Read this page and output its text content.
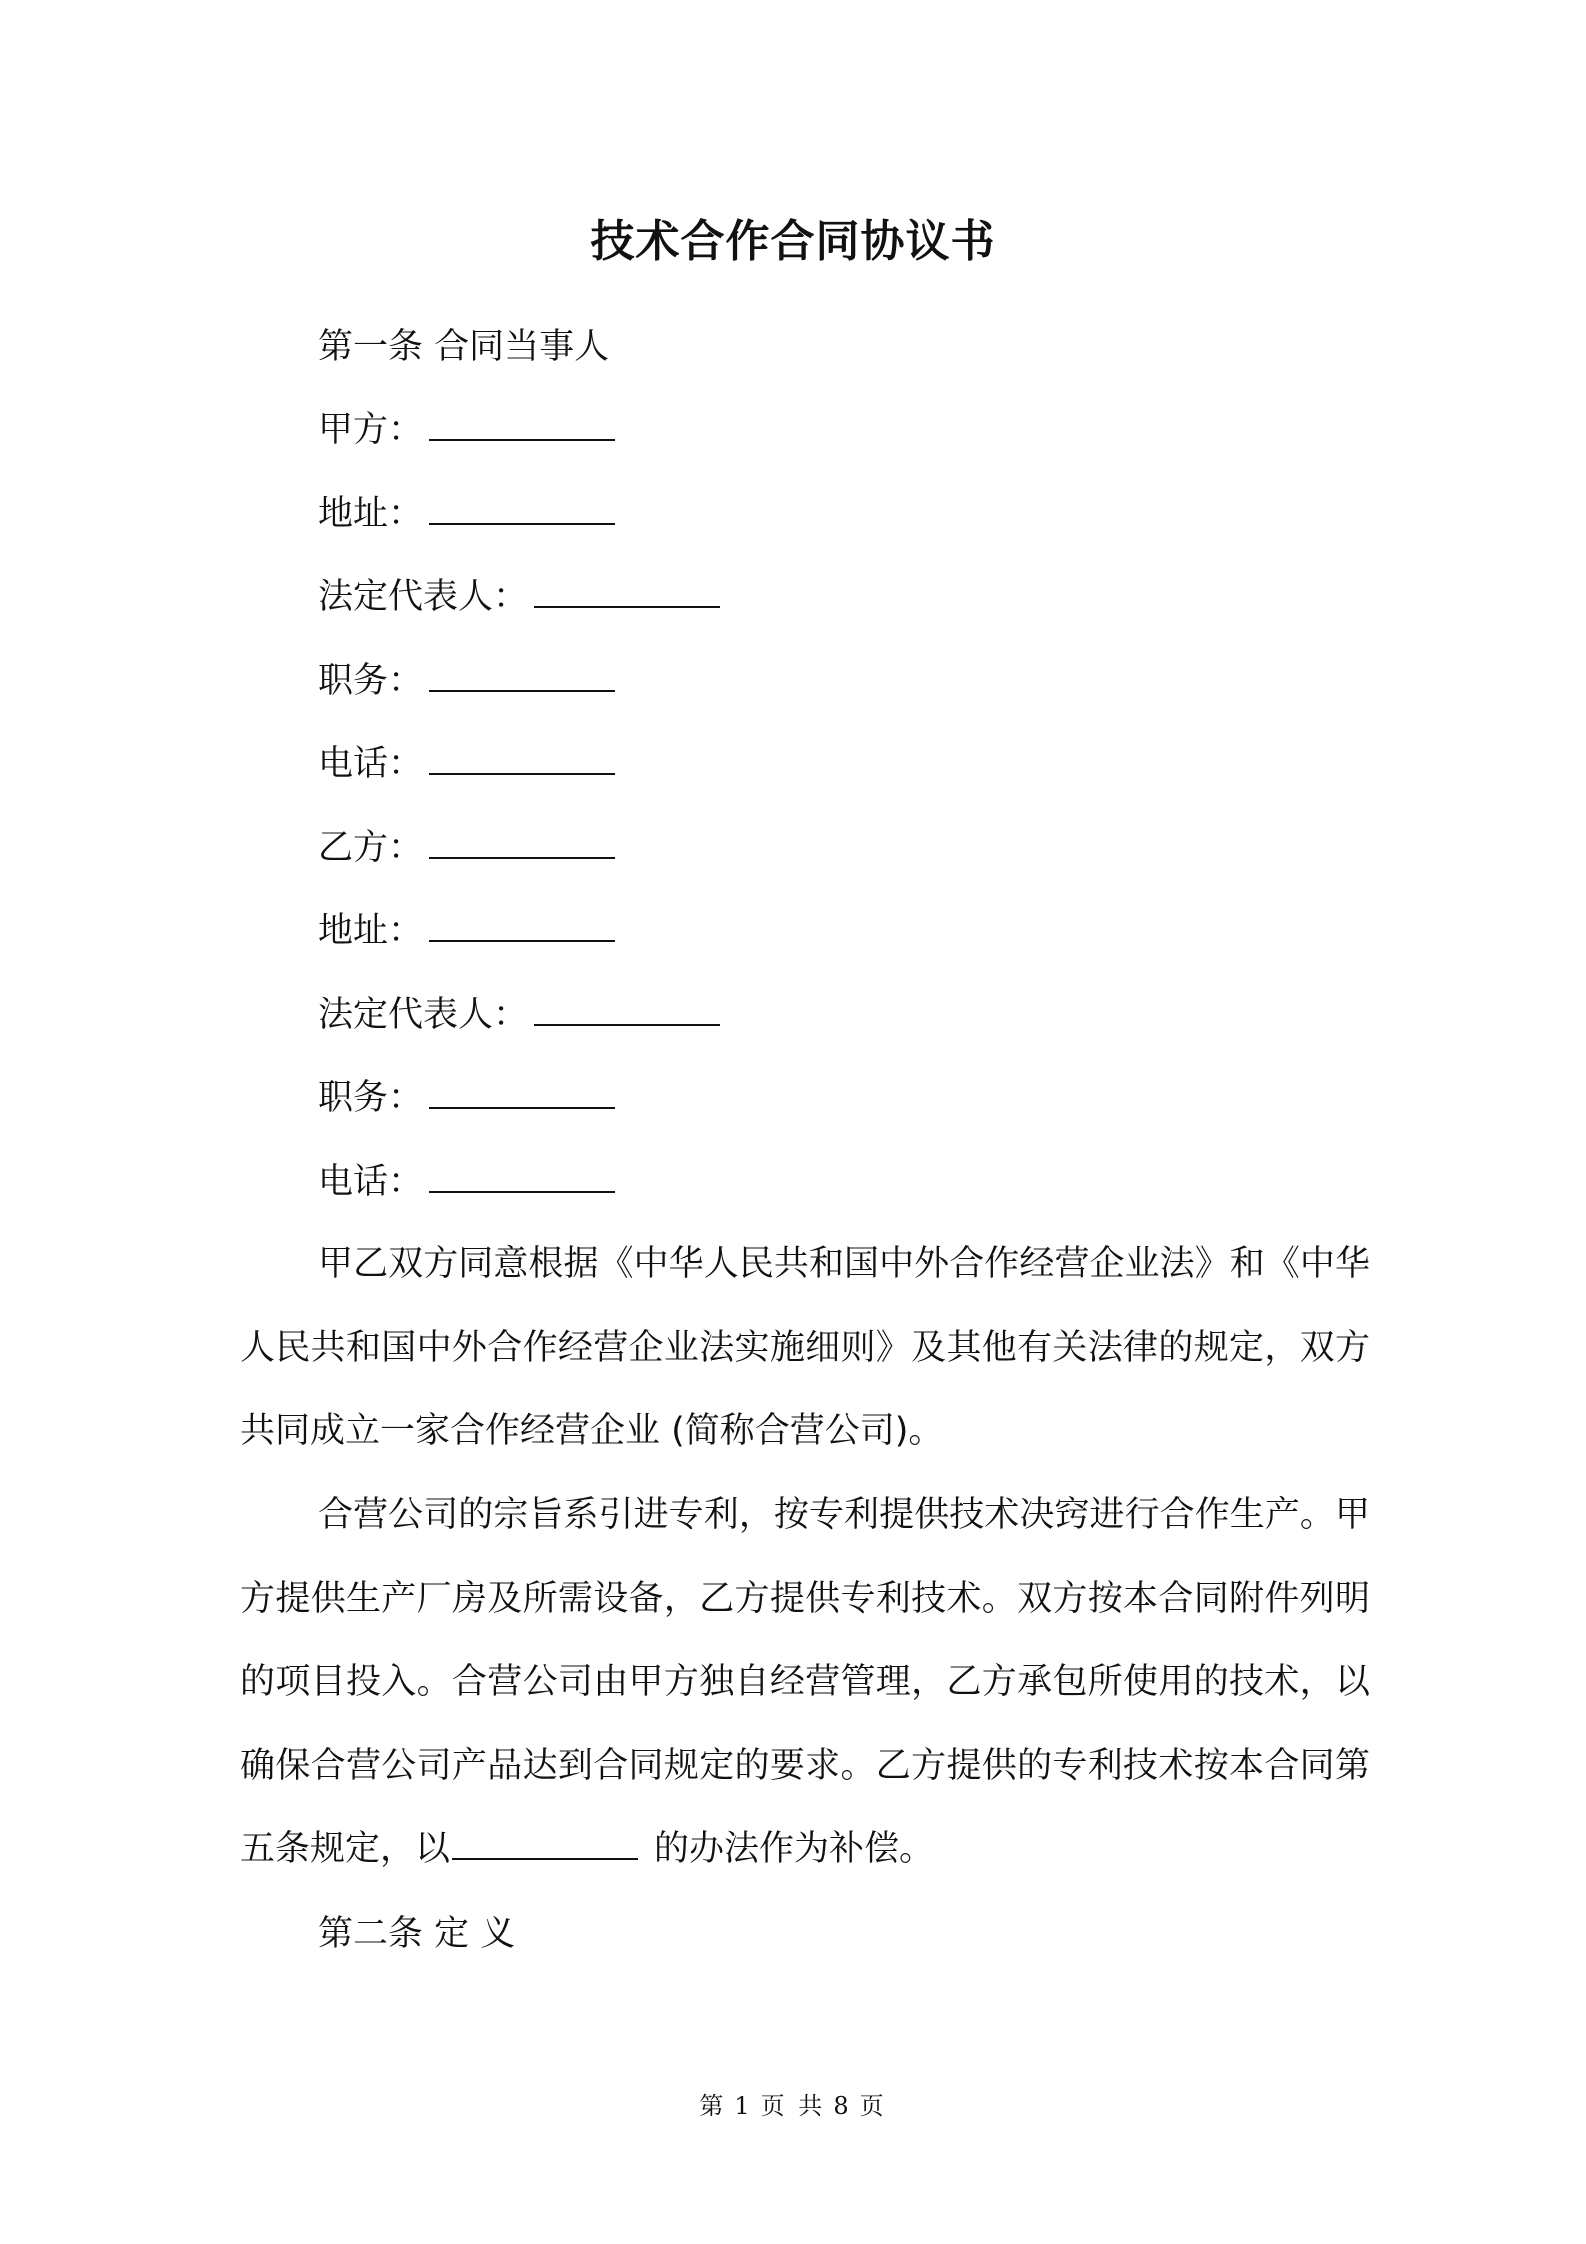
技术合作合同协议书
第一条 合同当事人
甲方：
地址：
法定代表人：
职务：
电话：
乙方：
地址：
法定代表人：
职务：
电话：

甲乙双方同意根据《中华人民共和国中外合作经营企业法》和《中华人民共和国中外合作经营企业法实施细则》及其他有关法律的规定，双方共同成立一家合作经营企业 (简称合营公司)。

合营公司的宗旨系引进专利，按专利提供技术决窍进行合作生产。甲方提供生产厂房及所需设备，乙方提供专利技术。双方按本合同附件列明的项目投入。合营公司由甲方独自经营管理，乙方承包所使用的技术，以确保合营公司产品达到合同规定的要求。乙方提供的专利技术按本合同第五条规定，以	的办法作为补偿。

第二条 定 义
第 1 页 共 8 页
